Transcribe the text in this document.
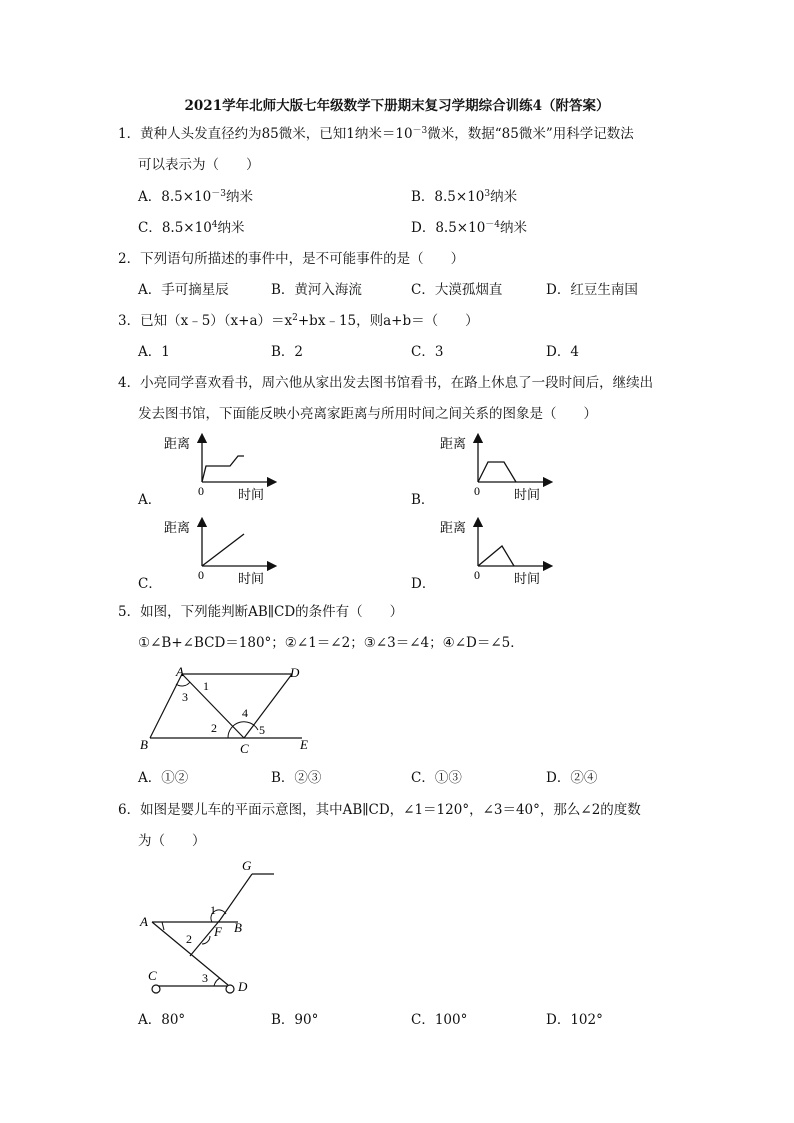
2021学年北师大版七年级数学下册期末复习学期综合训练4（附答案）
1．黄种人头发直径约为85微米，已知1纳米$=10^{-3}$微米，数据“85微米”用科学记数法
可以表示为（　　）
A．$8.5\times 10^{-3}$纳米	B．$8.5\times 10^3$纳米
C．$8.5\times 10^4$纳米	D．$8.5\times 10^{-4}$纳米
2．下列语句所描述的事件中，是不可能事件的是（　　）
A．手可摘星辰	B．黄河入海流	C．大漠孤烟直	D．红豆生南国
3．已知$(x﹣5)(x+a)=x^2+bx﹣15$，则a+b＝（　　）
A．1	B．2	C．3	D．4
4．小亮同学喜欢看书，周六他从家出发去图书馆看书，在路上休息了一段时间后，继续出
发去图书馆，下面能反映小亮离家距离与所用时间之间关系的图象是（　　）
A．	B．
C．	D．
距离
0	时间
距离
0	时间
距离
0	时间
距离
0	时间
5．如图，下列能判断AB∥CD的条件有（　　）
①∠B+∠BCD＝180°；②∠1＝∠2；③∠3＝∠4；④∠D＝∠5．
A	D
B	C	E
1
3
2
4
5
A．①②	B．②③	C．①③	D．②④
6．如图是婴儿车的平面示意图，其中AB∥CD，∠1＝120°，∠3＝40°，那么∠2的度数
为（　　）
G
A	B
F
C
D
1
2
3
A．80°	B．90°	C．100°	D．102°
